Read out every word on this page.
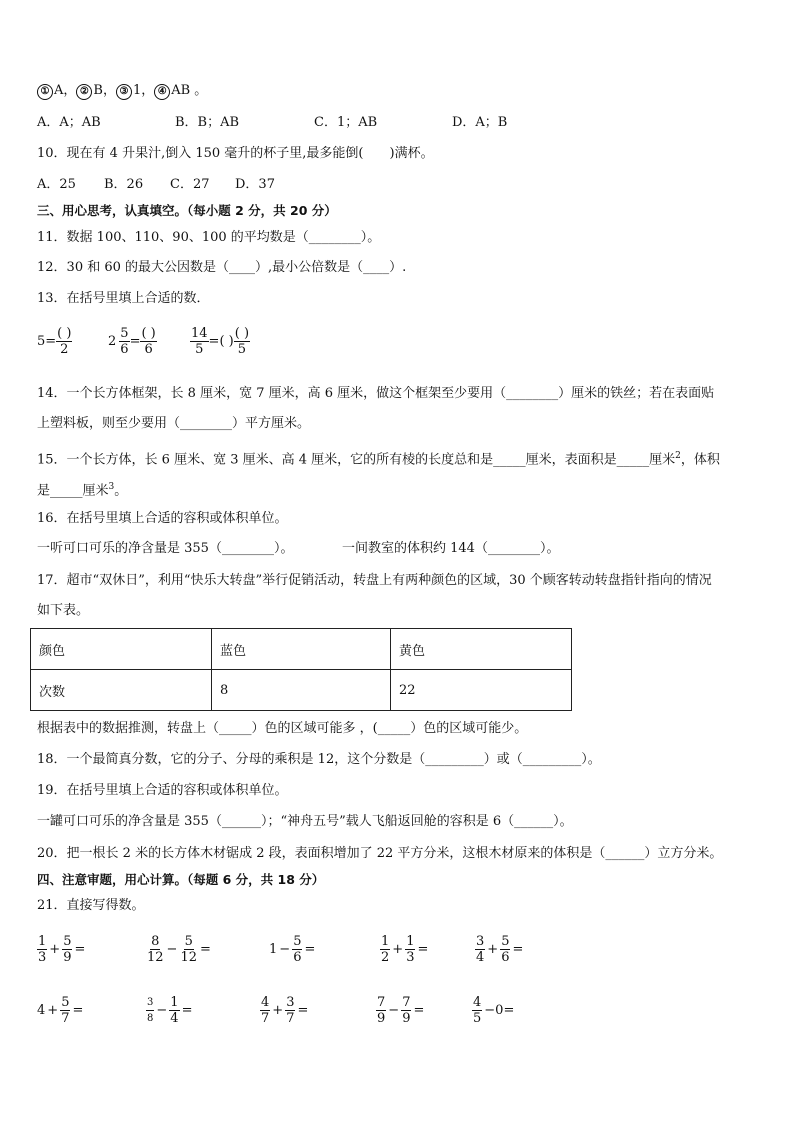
① A， ② B， ③ 1， ④ AB 。
A．A；AB	B．B；AB	C．1；AB	D．A；B
10．现在有 4 升果汁,倒入 150 毫升的杯子里,最多能倒(　　)满杯。
A．25 B．26 C．27 D．37
三、用心思考，认真填空。（每小题 2 分，共 20 分）
11．数据 100、110、90、100 的平均数是（________）。
12．30 和 60 的最大公因数是（____）,最小公倍数是（____）.
13．在括号里填上合适的数．
$5= \frac{( )}{2}$	$2 \frac{5}{6} = \frac{( )}{6}$	$\frac{14}{5}$ = ( ) $\frac{( )}{5}$
14．一个长方体框架，长 8 厘米，宽 7 厘米，高 6 厘米，做这个框架至少要用（________）厘米的铁丝；若在表面贴
上塑料板，则至少要用（________）平方厘米。
15．一个长方体，长 6 厘米、宽 3 厘米、高 4 厘米，它的所有棱的长度总和是_____厘米，表面积是_____厘米$^2$，体积
是_____厘米$^3$。
16．在括号里填上合适的容积或体积单位。
一听可口可乐的净含量是 355（________）。	一间教室的体积约 144（________）。
17．超市“双休日”，利用“快乐大转盘”举行促销活动，转盘上有两种颜色的区域，30 个顾客转动转盘指针指向的情况
如下表。
颜色	蓝色	黄色
次数	8	22
根据表中的数据推测，转盘上（_____）色的区域可能多 ，(_____）色的区域可能少。
18．一个最简真分数，它的分子、分母的乘积是 12，这个分数是（_________）或（_________）。
19．在括号里填上合适的容积或体积单位。
一罐可口可乐的净含量是 355（______）；“神舟五号”载人飞船返回舱的容积是 6（______）。
20．把一根长 2 米的长方体木材锯成 2 段，表面积增加了 22 平方分米，这根木材原来的体积是（______）立方分米。
四、注意审题，用心计算。（每题 6 分，共 18 分）
21．直接写得数。
$\frac{1}{3} + \frac{5}{9}$ =	$\frac{8}{12} - \frac{5}{12}$ =	$1 - \frac{5}{6}$ =	$\frac{1}{2} + \frac{1}{3}$ =	$\frac{3}{4} + \frac{5}{6}$ =
$4 + \frac{5}{7}$ =	$\frac{3}{8} - \frac{1}{4}$ =	$\frac{4}{7} + \frac{3}{7}$ =	$\frac{7}{9} - \frac{7}{9}$ =	$\frac{4}{5} -0=$
